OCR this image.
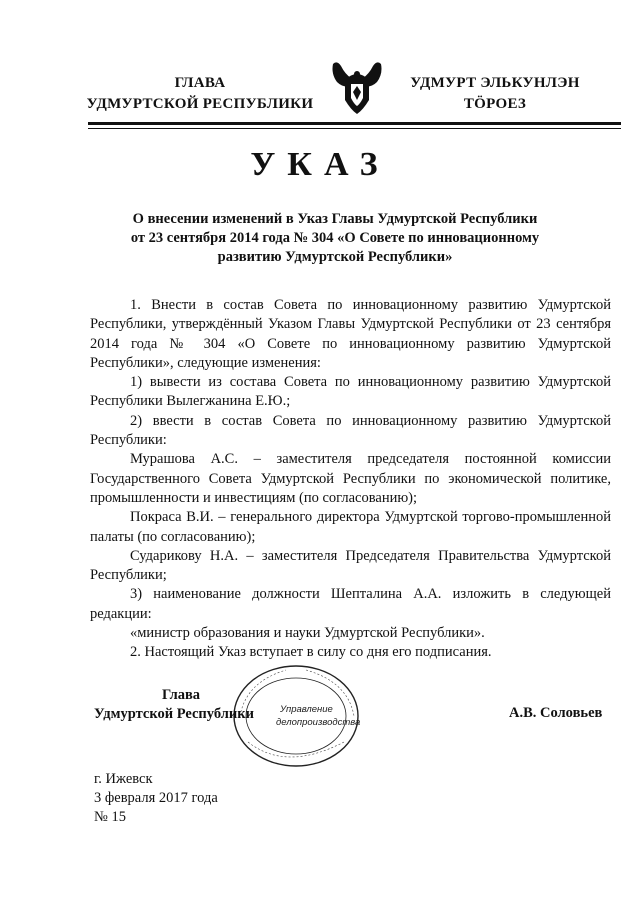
ГЛАВА
УДМУРТСКОЙ РЕСПУБЛИКИ
УДМУРТ ЭЛЬКУНЛЭН
ТӦРОЕЗ
УКАЗ
О внесении изменений в Указ Главы Удмуртской Республики
от 23 сентября 2014 года № 304 «О Совете по инновационному
развитию Удмуртской Республики»

1. Внести в состав Совета по инновационному развитию Удмуртской Республики, утверждённый Указом Главы Удмуртской Республики от 23 сентября 2014 года № 304 «О Совете по инновационному развитию Удмуртской Республики», следующие изменения:

1) вывести из состава Совета по инновационному развитию Удмуртской Республики Вылегжанина Е.Ю.;

2) ввести в состав Совета по инновационному развитию Удмуртской Республики:

Мурашова А.С. – заместителя председателя постоянной комиссии Государственного Совета Удмуртской Республики по экономической политике, промышленности и инвестициям (по согласованию);

Покраса В.И. – генерального директора Удмуртской торгово-промышленной палаты (по согласованию);

Сударикову Н.А. – заместителя Председателя Правительства Удмуртской Республики;

3) наименование должности Шепталина А.А. изложить в следующей редакции:

«министр образования и науки Удмуртской Республики».

2. Настоящий Указ вступает в силу со дня его подписания.

Управление
делопроизводства
Глава
Удмуртской Республики	А.В. Соловьев
г. Ижевск
3 февраля 2017 года
№ 15
